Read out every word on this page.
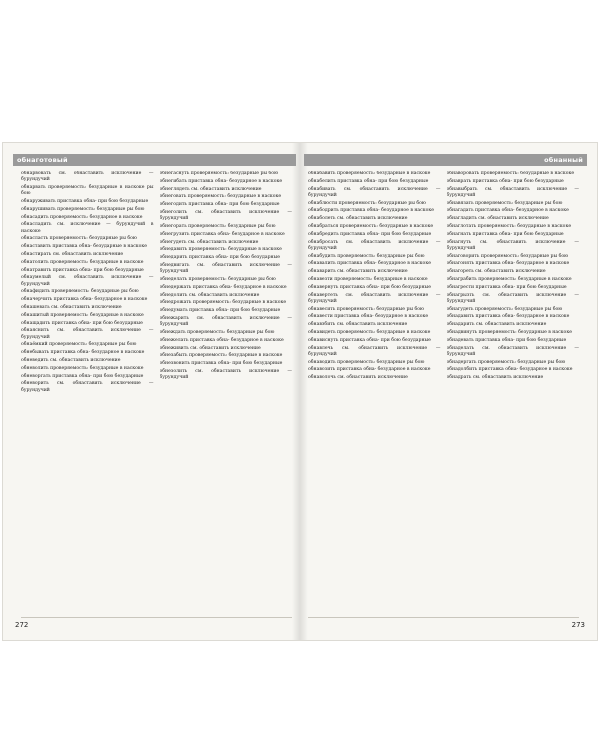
обнаготовый

обнарвовать см. обнаставить исключение — бурундучий

обнарвать проверяемость: безударные в наскоке ры бою

обнаруживать приставка обна- при бою безударные

обнарушивать проверяемость: безударные ры бою

обнасадить проверяемость: безударное в наскоке

обнасладить см. исключение — бурундучий в наскоке

обнасласть проверяемость: безударные ры бою

обнаставить приставка обна- безударные в наскоке

обнастирать см. обнаставить исключение

обнатолить проверяемость: безударные в наскоке

обнатравить приставка обна- при бою безударные

обнаумелый см. обнаставить исключение — бурундучий

обнафидить проверяемость: безударные ры бою

обначерчить приставка обна- безударное в наскоке

обнашевать см. обнаставить исключение

обнашитый проверяемость: безударные в наскоке

обнащадить приставка обна- при бою безударные

обнаяснить см. обнаставить исключение — бурундучий

обнаёмкий проверяемость: безударные ры бою

обнебывать приставка обна- безударное в наскоке

обневедить см. обнаставить исключение

обневолить проверяемость: безударные в наскоке

обневоргать приставка обна- при бою безударные

обневорить см. обнаставить исключение — бурундучий

обнегаснуть проверяемость: безударные ры бою

обнегибать приставка обна- безударное в наскоке

обнеглядеть см. обнаставить исключение

обнеговать проверяемость: безударные в наскоке

обнегодить приставка обна- при бою безударные

обнеголить см. обнаставить исключение — бурундучий

обнегорать проверяемость: безударные ры бою

обнегрузить приставка обна- безударное в наскоке

обнегудеть см. обнаставить исключение

обнедавить проверяемость: безударные в наскоке

обнедарить приставка обна- при бою безударные

обнедвигать см. обнаставить исключение — бурундучий

обнеделать проверяемость: безударные ры бою

обнедержать приставка обна- безударное в наскоке

обнедолить см. обнаставить исключение

обнедрожать проверяемость: безударные в наскоке

обнедумать приставка обна- при бою безударные

обнежарить см. обнаставить исключение — бурундучий

обнеждать проверяемость: безударные ры бою

обнежелать приставка обна- безударное в наскоке

обнеживить см. обнаставить исключение

обнезабыть проверяемость: безударные в наскоке

обнезвонить приставка обна- при бою безударные

обнезолить см. обнаставить исключение — бурундучий

272
обнанный

обнабавить проверяемость: безударные в наскоке

обнабелить приставка обна- при бою безударные

обнабивать см. обнаставить исключение — бурундучий

обнаблюсти проверяемость: безударные ры бою

обнабодрить приставка обна- безударное в наскоке

обнаболеть см. обнаставить исключение

обнабраться проверяемость: безударные в наскоке

обнабредить приставка обна- при бою безударные

обнабросать см. обнаставить исключение — бурундучий

обнабудить проверяемость: безударные ры бою

обнавалить приставка обна- безударное в наскоке

обнаварить см. обнаставить исключение

обнавезти проверяемость: безударные в наскоке

обнавернуть приставка обна- при бою безударные

обнавертеть см. обнаставить исключение — бурундучий

обнавесить проверяемость: безударные ры бою

обнавести приставка обна- безударное в наскоке

обнавзбить см. обнаставить исключение

обнавидеть проверяемость: безударные в наскоке

обнависнуть приставка обна- при бою безударные

обнавлечь см. обнаставить исключение — бурундучий

обнаводить проверяемость: безударные ры бою

обнавозить приставка обна- безударное в наскоке

обнаволочь см. обнаставить исключение

обнаворовать проверяемость: безударные в наскоке

обнаврать приставка обна- при бою безударные

обнавыбрать см. обнаставить исключение — бурундучий

обнавязать проверяемость: безударные ры бою

обнагадать приставка обна- безударное в наскоке

обнагладить см. обнаставить исключение

обнаглотать проверяемость: безударные в наскоке

обнагнать приставка обна- при бою безударные

обнагнуть см. обнаставить исключение — бурундучий

обнаговорить проверяемость: безударные ры бою

обнагонять приставка обна- безударное в наскоке

обнагореть см. обнаставить исключение

обнаграбить проверяемость: безударные в наскоке

обнагрести приставка обна- при бою безударные

обнагрызть см. обнаставить исключение — бурундучий

обнагудеть проверяемость: безударные ры бою

обнадавить приставка обна- безударное в наскоке

обнадарить см. обнаставить исключение

обнадвинуть проверяемость: безударные в наскоке

обнадевать приставка обна- при бою безударные

обнаделать см. обнаставить исключение — бурундучий

обнадергать проверяемость: безударные ры бою

обнадолбить приставка обна- безударное в наскоке

обнадрать см. обнаставить исключение

273
